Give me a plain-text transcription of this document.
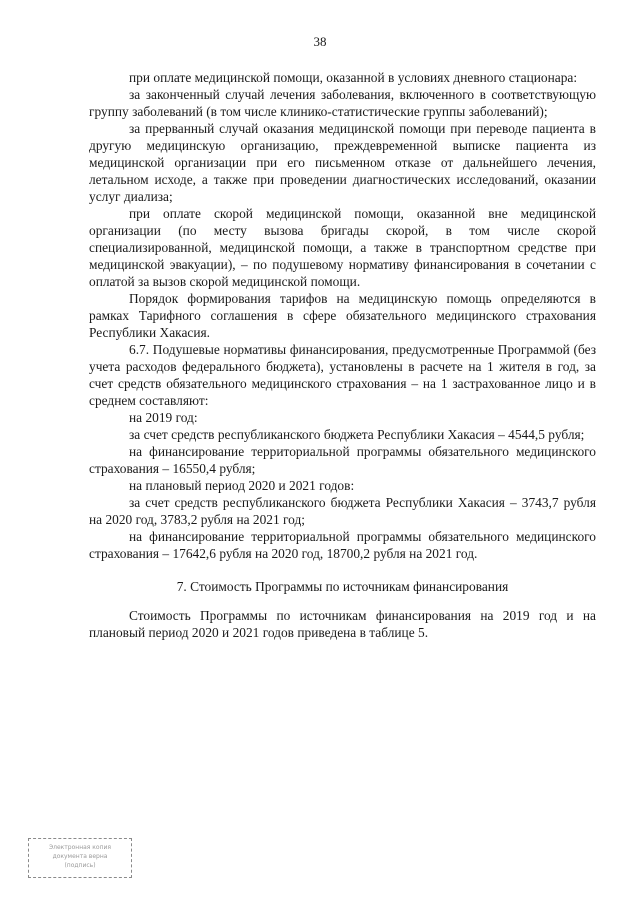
38

при оплате медицинской помощи, оказанной в условиях дневного стационара:

за законченный случай лечения заболевания, включенного в соответствующую группу заболеваний (в том числе клинико-статистические группы заболеваний);

за прерванный случай оказания медицинской помощи при переводе пациента в другую медицинскую организацию, преждевременной выписке пациента из медицинской организации при его письменном отказе от дальнейшего лечения, летальном исходе, а также при проведении диагностических исследований, оказании услуг диализа;

при оплате скорой медицинской помощи, оказанной вне медицинской организации (по месту вызова бригады скорой, в том числе скорой специализированной, медицинской помощи, а также в транспортном средстве при медицинской эвакуации), – по подушевому нормативу финансирования в сочетании с оплатой за вызов скорой медицинской помощи.

Порядок формирования тарифов на медицинскую помощь определяются в рамках Тарифного соглашения в сфере обязательного медицинского страхования Республики Хакасия.

6.7. Подушевые нормативы финансирования, предусмотренные Программой (без учета расходов федерального бюджета), установлены в расчете на 1 жителя в год, за счет средств обязательного медицинского страхования – на 1 застрахованное лицо и в среднем составляют:

на 2019 год:

за счет средств республиканского бюджета Республики Хакасия – 4544,5 рубля;

на финансирование территориальной программы обязательного медицинского страхования – 16550,4 рубля;

на плановый период 2020 и 2021 годов:

за счет средств республиканского бюджета Республики Хакасия – 3743,7 рубля на 2020 год, 3783,2 рубля на 2021 год;

на финансирование территориальной программы обязательного медицинского страхования – 17642,6 рубля на 2020 год, 18700,2 рубля на 2021 год.

7. Стоимость Программы по источникам финансирования

Стоимость Программы по источникам финансирования на 2019 год и на плановый период 2020 и 2021 годов приведена в таблице 5.

Электронная копия
документа верна
(подпись)
